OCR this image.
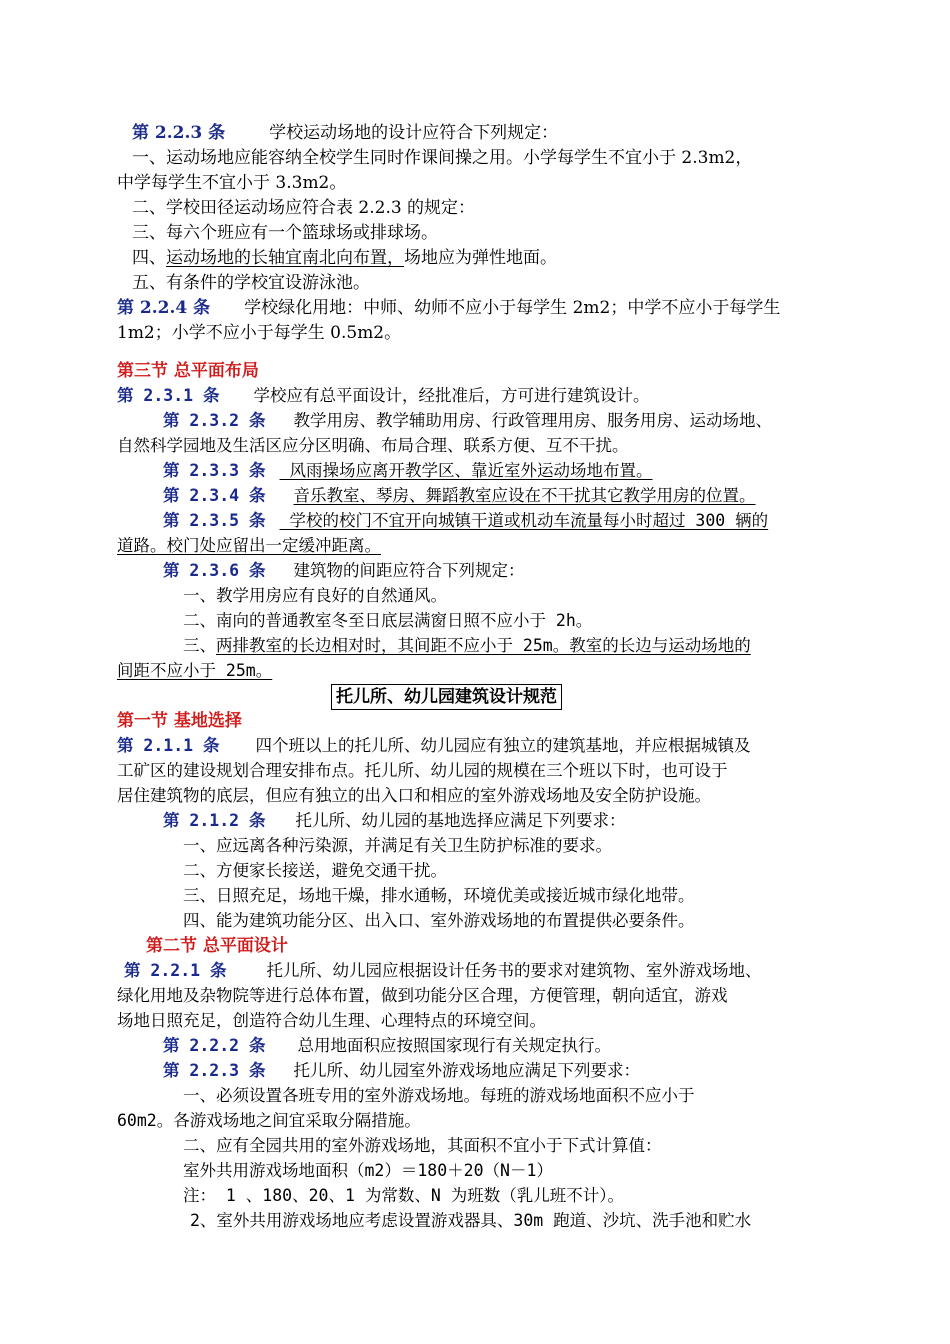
第 2.2.3 条	学校运动场地的设计应符合下列规定：
一、运动场地应能容纳全校学生同时作课间操之用。小学每学生不宜小于 2.3m2，
中学每学生不宜小于 3.3m2。
二、学校田径运动场应符合表 2.2.3 的规定：
三、每六个班应有一个篮球场或排球场。
四、运动场地的长轴宜南北向布置，场地应为弹性地面。
五、有条件的学校宜设游泳池。
第 2.2.4 条 学校绿化用地：中师、幼师不应小于每学生 2m2；中学不应小于每学生
1m2；小学不应小于每学生 0.5m2。
第三节 总平面布局
第 2.3.1 条 学校应有总平面设计，经批准后，方可进行建筑设计。
第 2.3.2 条 教学用房、教学辅助用房、行政管理用房、服务用房、运动场地、
自然科学园地及生活区应分区明确、布局合理、联系方便、互不干扰。
第 2.3.3 条 风雨操场应离开教学区、靠近室外运动场地布置。
第 2.3.4 条 音乐教室、琴房、舞蹈教室应设在不干扰其它教学用房的位置。
第 2.3.5 条 学校的校门不宜开向城镇干道或机动车流量每小时超过 300 辆的
道路。校门处应留出一定缓冲距离。
第 2.3.6 条 建筑物的间距应符合下列规定：
一、教学用房应有良好的自然通风。
二、南向的普通教室冬至日底层满窗日照不应小于 2h。
三、两排教室的长边相对时，其间距不应小于 25m。教室的长边与运动场地的
间距不应小于 25m。
托儿所、幼儿园建筑设计规范
第一节 基地选择
第 2.1.1 条 四个班以上的托儿所、幼儿园应有独立的建筑基地，并应根据城镇及
工矿区的建设规划合理安排布点。托儿所、幼儿园的规模在三个班以下时，也可设于
居住建筑物的底层，但应有独立的出入口和相应的室外游戏场地及安全防护设施。
第 2.1.2 条 托儿所、幼儿园的基地选择应满足下列要求：
一、应远离各种污染源，并满足有关卫生防护标准的要求。
二、方便家长接送，避免交通干扰。
三、日照充足，场地干燥，排水通畅，环境优美或接近城市绿化地带。
四、能为建筑功能分区、出入口、室外游戏场地的布置提供必要条件。
第二节 总平面设计
第 2.2.1 条 托儿所、幼儿园应根据设计任务书的要求对建筑物、室外游戏场地、
绿化用地及杂物院等进行总体布置，做到功能分区合理，方便管理，朝向适宜，游戏
场地日照充足，创造符合幼儿生理、心理特点的环境空间。
第 2.2.2 条 总用地面积应按照国家现行有关规定执行。
第 2.2.3 条 托儿所、幼儿园室外游戏场地应满足下列要求：
一、必须设置各班专用的室外游戏场地。每班的游戏场地面积不应小于
60m2。各游戏场地之间宜采取分隔措施。
二、应有全园共用的室外游戏场地，其面积不宜小于下式计算值：
室外共用游戏场地面积（m2）＝180＋20（N－1）
注： 1 、180、20、1 为常数、N 为班数（乳儿班不计）。
2、室外共用游戏场地应考虑设置游戏器具、30m 跑道、沙坑、洗手池和贮水
